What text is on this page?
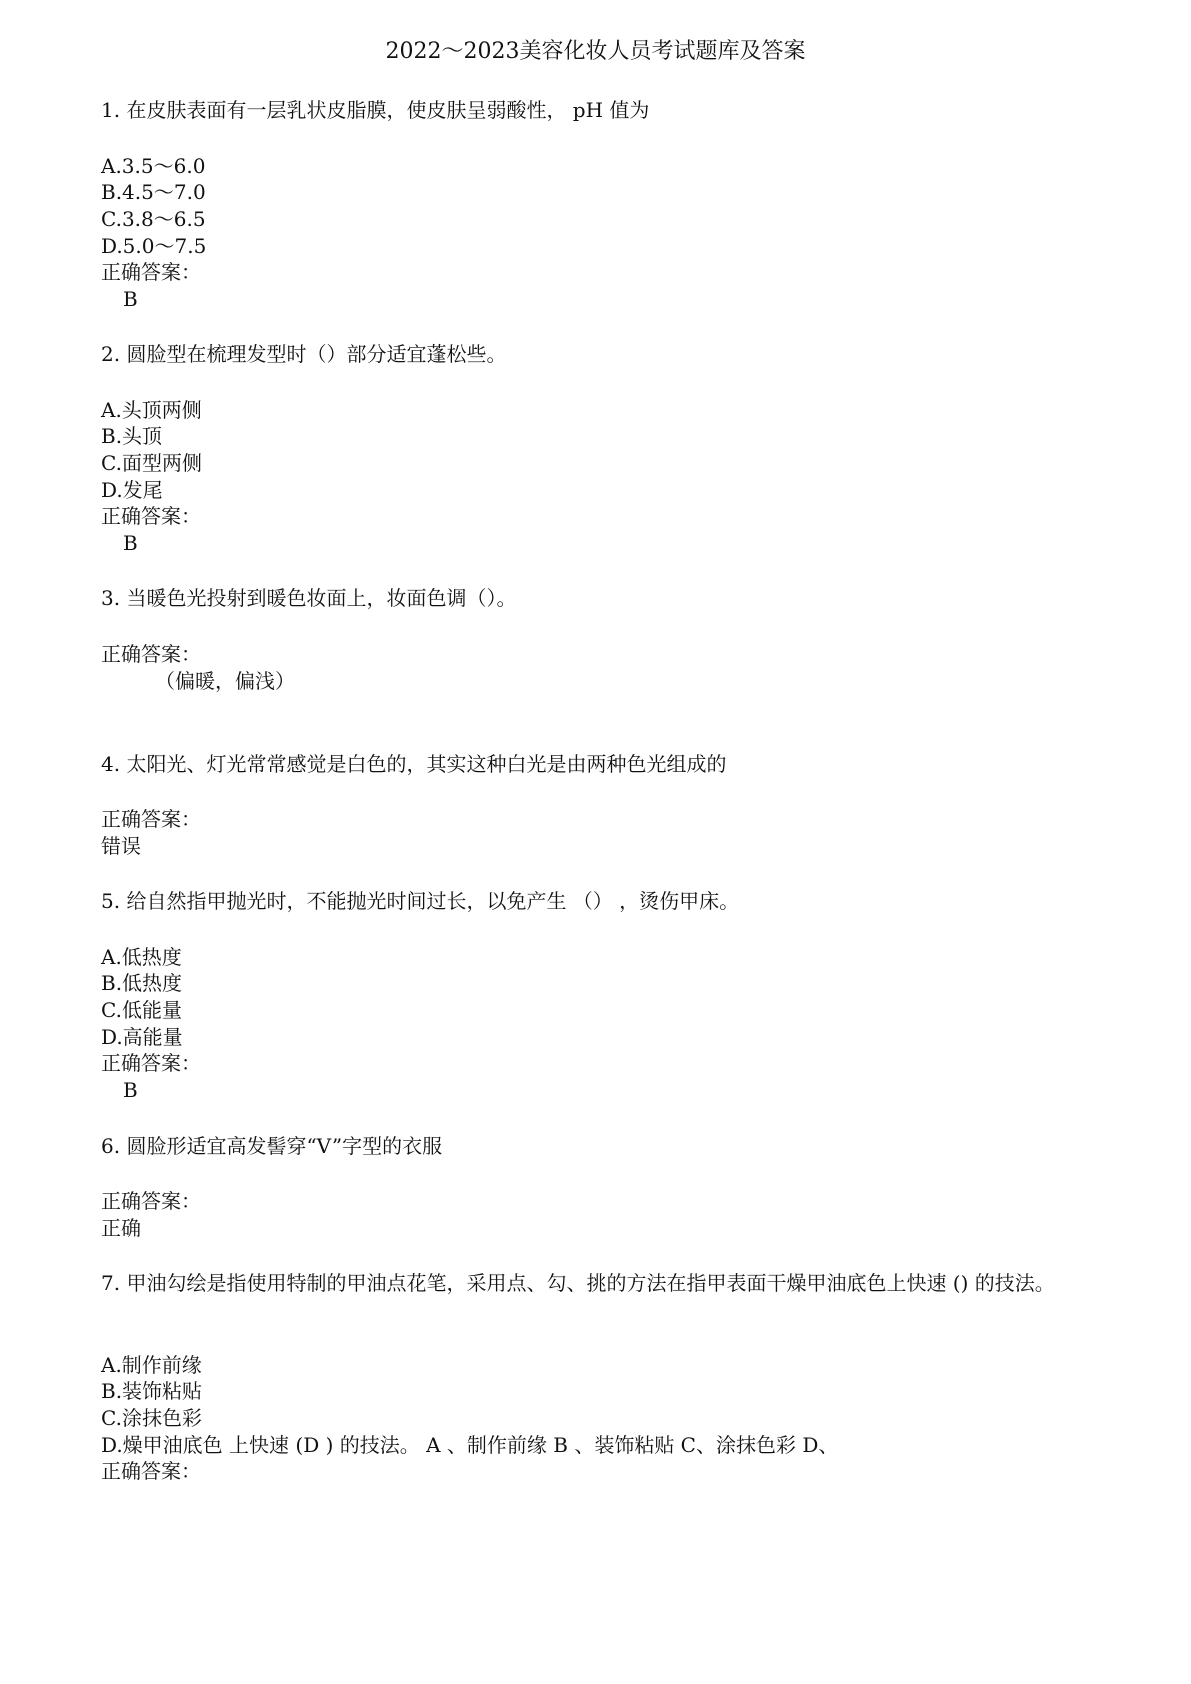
2022～2023美容化妆人员考试题库及答案
1. 在皮肤表面有一层乳状皮脂膜，使皮肤呈弱酸性， pH 值为
A.3.5～6.0
B.4.5～7.0
C.3.8～6.5
D.5.0～7.5
正确答案：
B
2. 圆脸型在梳理发型时（）部分适宜蓬松些。
A.头顶两侧
B.头顶
C.面型两侧
D.发尾
正确答案：
B
3. 当暖色光投射到暖色妆面上，妆面色调（）。
正确答案：
（偏暖，偏浅）
4. 太阳光、灯光常常感觉是白色的，其实这种白光是由两种色光组成的
正确答案：
错误
5. 给自然指甲抛光时，不能抛光时间过长，以免产生 （） ，烫伤甲床。
A.低热度
B.低热度
C.低能量
D.高能量
正确答案：
B
6. 圆脸形适宜高发髻穿“V”字型的衣服
正确答案：
正确
7. 甲油勾绘是指使用特制的甲油点花笔，采用点、勾、挑的方法在指甲表面干燥甲油底色上快速 () 的技法。
A.制作前缘
B.装饰粘贴
C.涂抹色彩
D.燥甲油底色 上快速 (D ) 的技法。 A 、制作前缘 B 、装饰粘贴 C、涂抹色彩 D、
正确答案：
